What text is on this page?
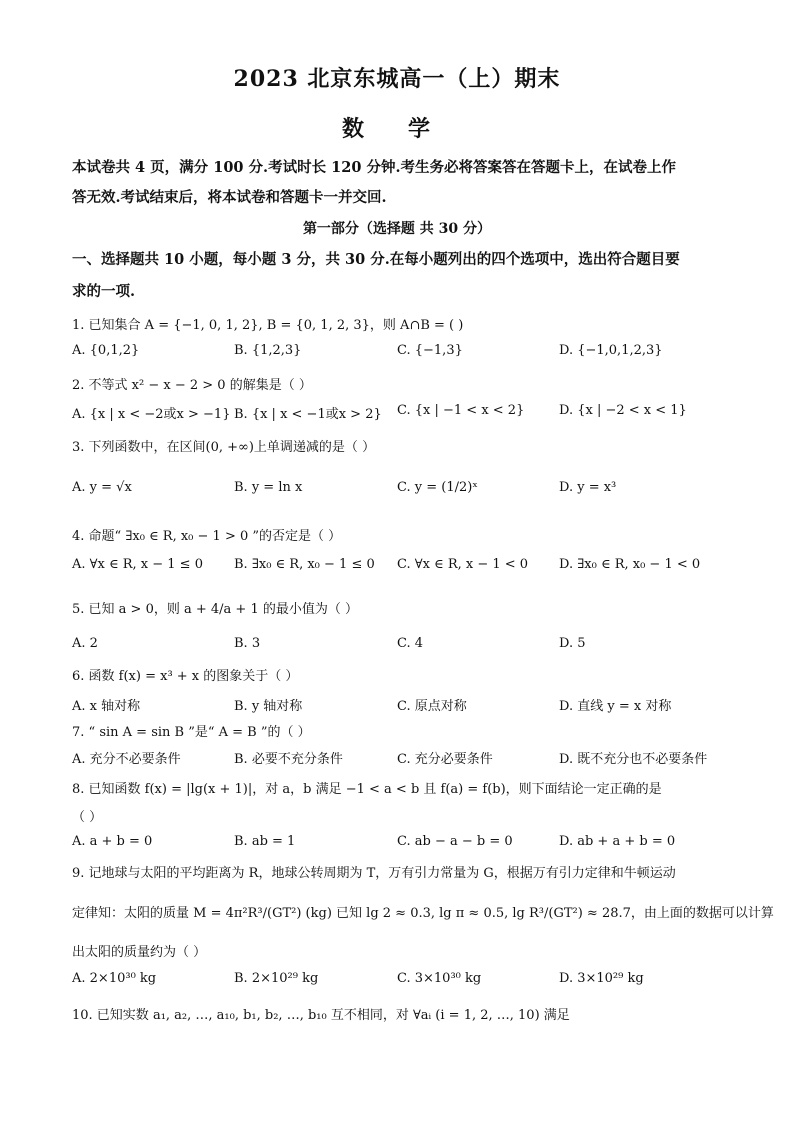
2023 北京东城高一（上）期末
数学
本试卷共 4 页，满分 100 分.考试时长 120 分钟.考生务必将答案答在答题卡上，在试卷上作
答无效.考试结束后，将本试卷和答题卡一并交回.
第一部分（选择题 共 30 分）
一、选择题共 10 小题，每小题 3 分，共 30 分.在每小题列出的四个选项中，选出符合题目要
求的一项.
1. 已知集合 A = {−1, 0, 1, 2}, B = {0, 1, 2, 3}，则 A∩B = ( )
A. {0,1,2}	B. {1,2,3}	C. {−1,3}	D. {−1,0,1,2,3}
2. 不等式 x² − x − 2 > 0 的解集是（ ）
A. {x | x < −2或x > −1} B. {x | x < −1或x > 2} C. {x | −1 < x < 2}	D. {x | −2 < x < 1}
3. 下列函数中，在区间(0, +∞)上单调递减的是（ ）
A. y = √x	B. y = ln x	C. y = (1/2)ˣ	D. y = x³
4. 命题“ ∃x₀ ∈ R, x₀ − 1 > 0 ”的否定是（ ）
A. ∀x ∈ R, x − 1 ≤ 0 B. ∃x₀ ∈ R, x₀ − 1 ≤ 0 C. ∀x ∈ R, x − 1 < 0 D. ∃x₀ ∈ R, x₀ − 1 < 0
5. 已知 a > 0，则 a + 4/a + 1 的最小值为（ ）
A. 2	B. 3	C. 4	D. 5
6. 函数 f(x) = x³ + x 的图象关于（ ）
A. x 轴对称	B. y 轴对称	C. 原点对称	D. 直线 y = x 对称
7. “ sin A = sin B ”是“ A = B ”的（ ）
A. 充分不必要条件	B. 必要不充分条件	C. 充分必要条件	D. 既不充分也不必要条件
8. 已知函数 f(x) = |lg(x + 1)|，对 a，b 满足 −1 < a < b 且 f(a) = f(b)，则下面结论一定正确的是
（ ）
A. a + b = 0	B. ab = 1	C. ab − a − b = 0	D. ab + a + b = 0
9. 记地球与太阳的平均距离为 R，地球公转周期为 T，万有引力常量为 G，根据万有引力定律和牛顿运动
定律知：太阳的质量 M = 4π²R³/(GT²) (kg) 已知 lg 2 ≈ 0.3, lg π ≈ 0.5, lg R³/(GT²) ≈ 28.7，由上面的数据可以计算
出太阳的质量约为（ ）
A. 2×10³⁰ kg	B. 2×10²⁹ kg	C. 3×10³⁰ kg	D. 3×10²⁹ kg
10. 已知实数 a₁, a₂, …, a₁₀, b₁, b₂, …, b₁₀ 互不相同，对 ∀aᵢ (i = 1, 2, …, 10) 满足
